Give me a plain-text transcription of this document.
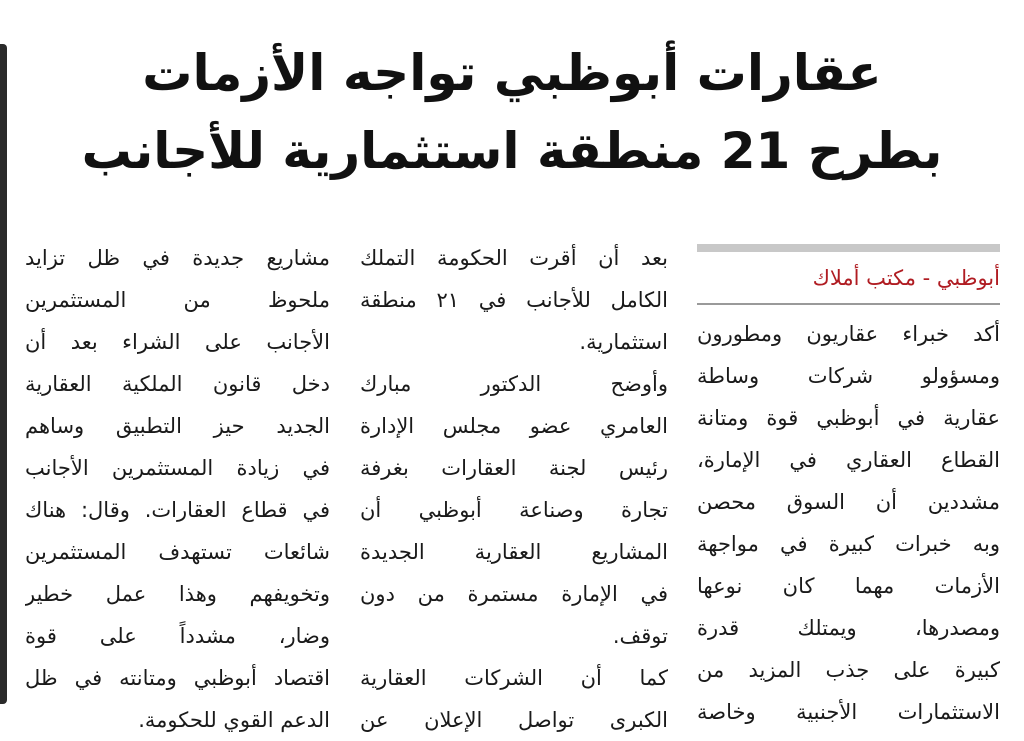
عقارات أبوظبي تواجه الأزمات
بطرح 21 منطقة استثمارية للأجانب
أبوظبي - مكتب أملاك
أكد خبراء عقاريون ومطورون
ومسؤولو شركات وساطة
عقارية في أبوظبي قوة ومتانة
القطاع العقاري في الإمارة،
مشددين أن السوق محصن
وبه خبرات كبيرة في مواجهة
الأزمات مهما كان نوعها
ومصدرها، ويمتلك قدرة
كبيرة على جذب المزيد من
الاستثمارات الأجنبية وخاصة
بعد أن أقرت الحكومة التملك
الكامل للأجانب في ٢١ منطقة
استثمارية.
وأوضح الدكتور مبارك
العامري عضو مجلس الإدارة
رئيس لجنة العقارات بغرفة
تجارة وصناعة أبوظبي أن
المشاريع العقارية الجديدة
في الإمارة مستمرة من دون
توقف.
كما أن الشركات العقارية
الكبرى تواصل الإعلان عن
مشاريع جديدة في ظل تزايد
ملحوظ من المستثمرين
الأجانب على الشراء بعد أن
دخل قانون الملكية العقارية
الجديد حيز التطبيق وساهم
في زيادة المستثمرين الأجانب
في قطاع العقارات. وقال: هناك
شائعات تستهدف المستثمرين
وتخويفهم وهذا عمل خطير
وضار، مشدداً على قوة
اقتصاد أبوظبي ومتانته في ظل
الدعم القوي للحكومة.
